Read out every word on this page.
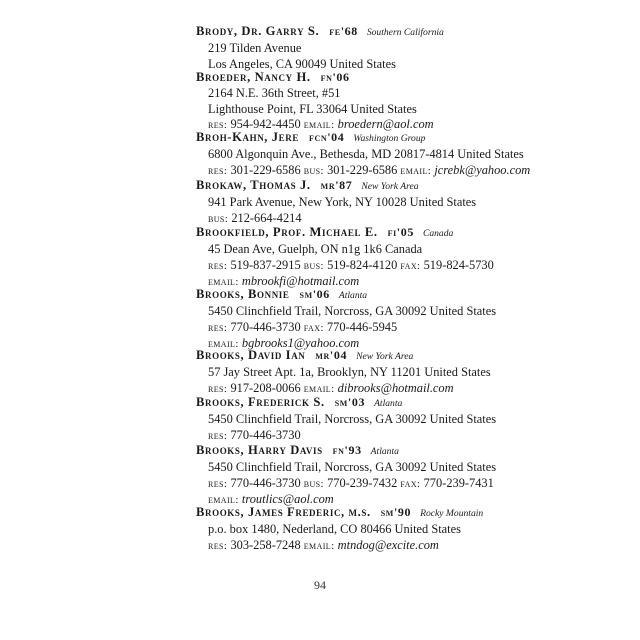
Brody, Dr. Garry S. fe'68 Southern California
219 Tilden Avenue
Los Angeles, CA 90049 United States
Broeder, Nancy H. fn'06
2164 N.E. 36th Street, #51
Lighthouse Point, FL 33064 United States
res: 954-942-4450 email: broedern@aol.com
Broh-Kahn, Jere fcn'04 Washington Group
6800 Algonquin Ave., Bethesda, MD 20817-4814 United States
res: 301-229-6586 bus: 301-229-6586 email: jcrebk@yahoo.com
Brokaw, Thomas J. mr'87 New York Area
941 Park Avenue, New York, NY 10028 United States
bus: 212-664-4214
Brookfield, Prof. Michael E. fi'05 Canada
45 Dean Ave, Guelph, ON n1g 1k6 Canada
res: 519-837-2915 bus: 519-824-4120 fax: 519-824-5730
email: mbrookfi@hotmail.com
Brooks, Bonnie sm'06 Atlanta
5450 Clinchfield Trail, Norcross, GA 30092 United States
res: 770-446-3730 fax: 770-446-5945
email: bgbrooks1@yahoo.com
Brooks, David Ian mr'04 New York Area
57 Jay Street Apt. 1a, Brooklyn, NY 11201 United States
res: 917-208-0066 email: dibrooks@hotmail.com
Brooks, Frederick S. sm'03 Atlanta
5450 Clinchfield Trail, Norcross, GA 30092 United States
res: 770-446-3730
Brooks, Harry Davis fn'93 Atlanta
5450 Clinchfield Trail, Norcross, GA 30092 United States
res: 770-446-3730 bus: 770-239-7432 fax: 770-239-7431
email: troutlics@aol.com
Brooks, James Frederic, m.s. sm'90 Rocky Mountain
p.o. box 1480, Nederland, CO 80466 United States
res: 303-258-7248 email: mtndog@excite.com
94
